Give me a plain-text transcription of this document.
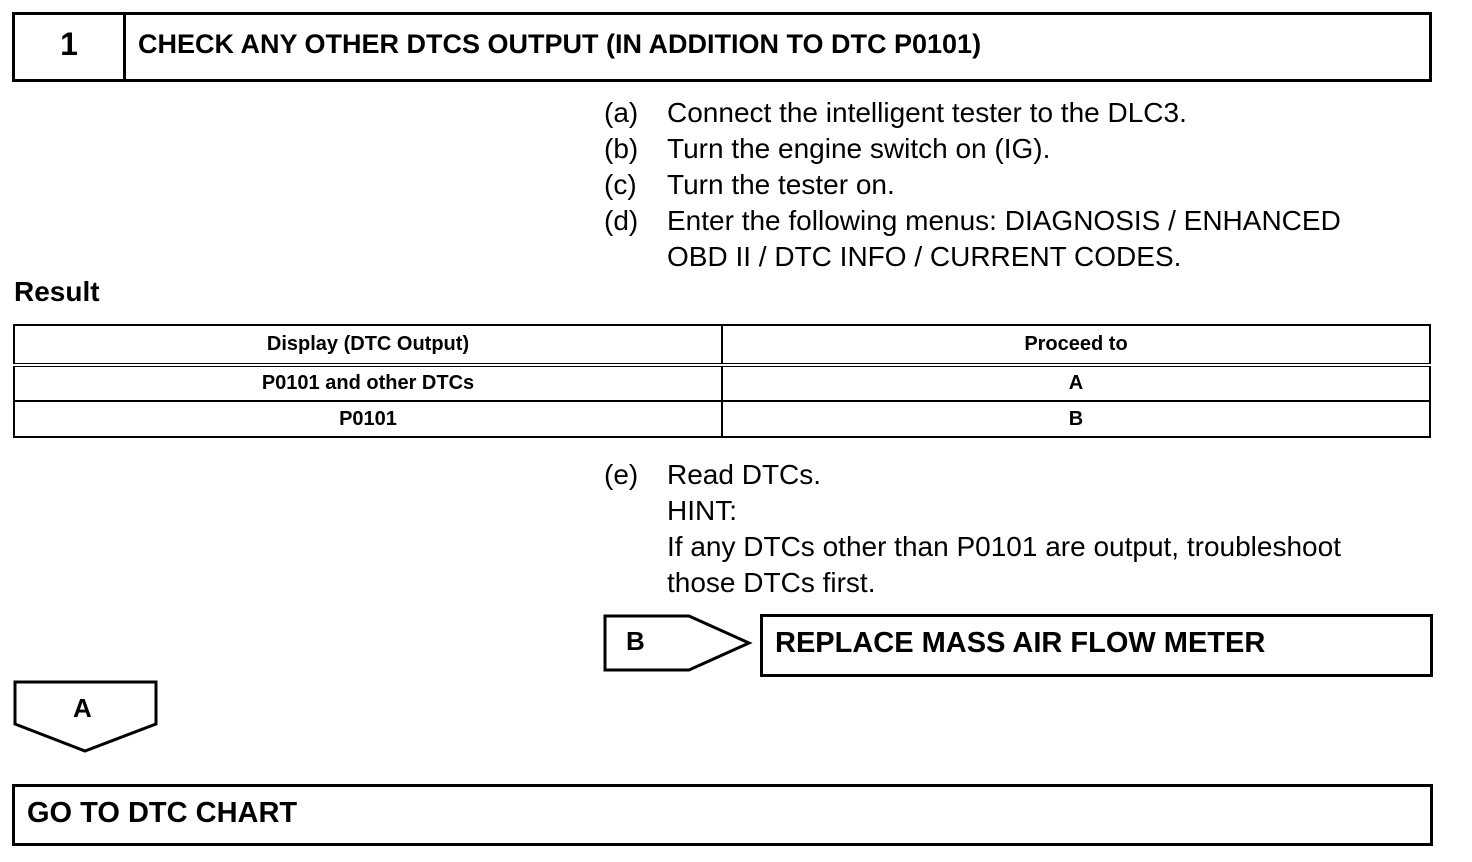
1	CHECK ANY OTHER DTCS OUTPUT (IN ADDITION TO DTC P0101)
(a)	Connect the intelligent tester to the DLC3.
(b)	Turn the engine switch on (IG).
(c)	Turn the tester on.
(d)	Enter the following menus: DIAGNOSIS / ENHANCED
OBD II / DTC INFO / CURRENT CODES.
Result
Display (DTC Output)	Proceed to
P0101 and other DTCs	A
P0101	B
(e)	Read DTCs.
HINT:
If any DTCs other than P0101 are output, troubleshoot
those DTCs first.
B	REPLACE MASS AIR FLOW METER
A
GO TO DTC CHART
